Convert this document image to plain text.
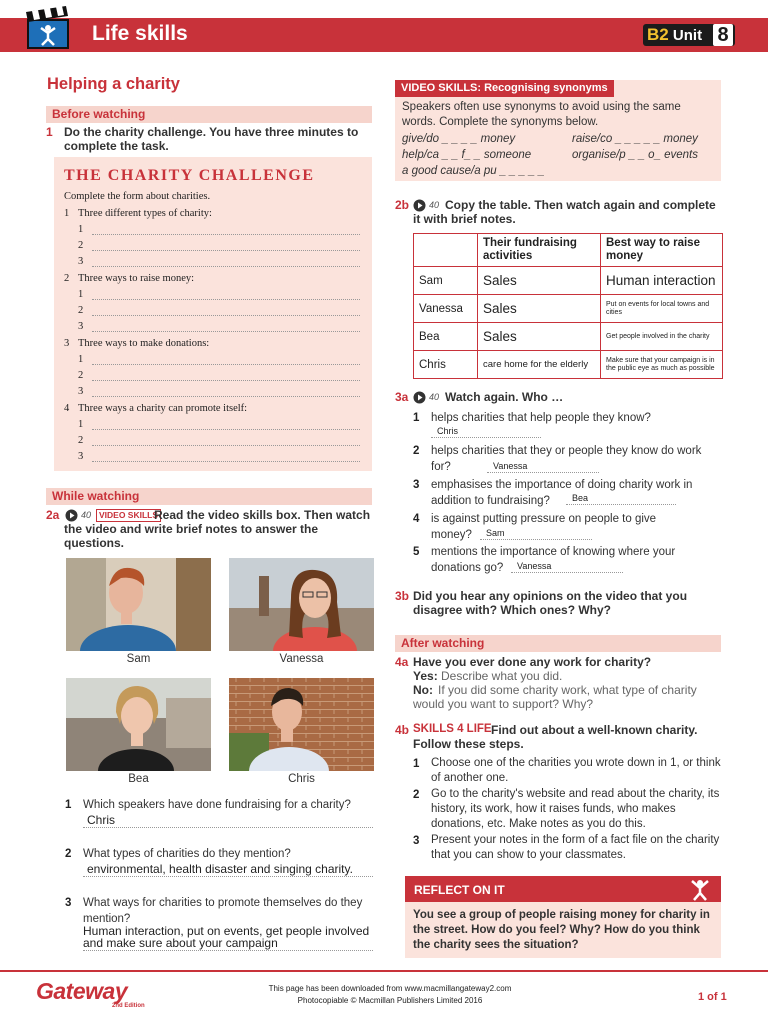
Life skills	B2 Unit 8
Helping a charity
Before watching
1 Do the charity challenge. You have three minutes to complete the task.
THE CHARITY CHALLENGE
Complete the form about charities.
1 Three different types of charity:
1
2
3
2 Three ways to raise money:
1
2
3
3 Three ways to make donations:
1
2
3
4 Three ways a charity can promote itself:
1
2
3
While watching
2a 40 VIDEO SKILLS
Read the video skills box. Then watch the video and write brief notes to answer the questions.
Sam	Vanessa
Bea	Chris
1 Which speakers have done fundraising for a charity?
Chris
2 What types of charities do they mention?
environmental, health disaster and singing charity.
3 What ways for charities to promote themselves do they mention?
Human interaction, put on events, get people involved and make sure about your campaign
VIDEO SKILLS: Recognising synonyms
Speakers often use synonyms to avoid using the same words. Complete the synonyms below.
give/do _ _ _ _ money	raise/co _ _ _ _ _ money
help/ca _ _ f_ _ someone	organise/p _ _ o_ events
a good cause/a pu _ _ _ _ _
2b 40 Copy the table. Then watch again and complete it with brief notes.
	Their fundraising activities	Best way to raise money
Sam	Sales	Human interaction
Vanessa	Sales	Put on events for local towns and cities
Bea	Sales	Get people involved in the charity
Chris	care home for the elderly	Make sure that your campaign is in the public eye as much as possible
3a 40 Watch again. Who …
1 helps charities that help people they know?
Chris
2 helps charities that they or people they know do work for?	Vanessa
3 emphasises the importance of doing charity work in addition to fundraising?	Bea
4 is against putting pressure on people to give money?	Sam
5 mentions the importance of knowing where your donations go?	Vanessa
3b Did you hear any opinions on the video that you disagree with? Which ones? Why?
After watching
4a Have you ever done any work for charity?
Yes: Describe what you did.
No: If you did some charity work, what type of charity would you want to support? Why?
4b SKILLS 4 LIFE Find out about a well-known charity. Follow these steps.
1 Choose one of the charities you wrote down in 1, or think of another one.
2 Go to the charity's website and read about the charity, its history, its work, how it raises funds, who makes donations, etc. Make notes as you do this.
3 Present your notes in the form of a fact file on the charity that you can show to your classmates.
REFLECT ON IT
You see a group of people raising money for charity in the street. How do you feel? Why? How do you think the charity sees the situation?
Gateway
2nd Edition
This page has been downloaded from www.macmillangateway2.com
Photocopiable © Macmillan Publishers Limited 2016	1 of 1
